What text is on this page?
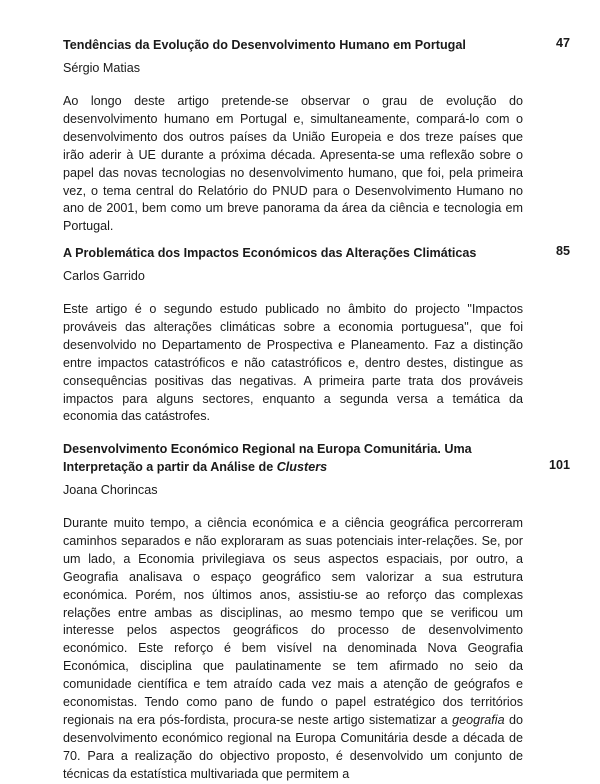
Tendências da Evolução do Desenvolvimento Humano em Portugal	47
Sérgio Matias
Ao longo deste artigo pretende-se observar o grau de evolução do desenvolvimento humano em Portugal e, simultaneamente, compará-lo com o desenvolvimento dos outros países da União Europeia e dos treze países que irão aderir à UE durante a próxima década. Apresenta-se uma reflexão sobre o papel das novas tecnologias no desenvolvimento humano, que foi, pela primeira vez, o tema central do Relatório do PNUD para o Desenvolvimento Humano no ano de 2001, bem como um breve panorama da área da ciência e tecnologia em Portugal.

A Problemática dos Impactos Económicos das Alterações Climáticas	85
Carlos Garrido
Este artigo é o segundo estudo publicado no âmbito do projecto "Impactos prováveis das alterações climáticas sobre a economia portuguesa", que foi desenvolvido no Departamento de Prospectiva e Planeamento. Faz a distinção entre impactos catastróficos e não catastróficos e, dentro destes, distingue as consequências positivas das negativas. A primeira parte trata dos prováveis impactos para alguns sectores, enquanto a segunda versa a temática da economia das catástrofes.

Desenvolvimento Económico Regional na Europa Comunitária. Uma Interpretação a partir da Análise de Clusters	101
Joana Chorincas
Durante muito tempo, a ciência económica e a ciência geográfica percorreram caminhos separados e não exploraram as suas potenciais inter-relações. Se, por um lado, a Economia privilegiava os seus aspectos espaciais, por outro, a Geografia analisava o espaço geográfico sem valorizar a sua estrutura económica. Porém, nos últimos anos, assistiu-se ao reforço das complexas relações entre ambas as disciplinas, ao mesmo tempo que se verificou um interesse pelos aspectos geográficos do processo de desenvolvimento económico. Este reforço é bem visível na denominada Nova Geografia Económica, disciplina que paulatinamente se tem afirmado no seio da comunidade científica e tem atraído cada vez mais a atenção de geógrafos e economistas. Tendo como pano de fundo o papel estratégico dos territórios regionais na era pós-fordista, procura-se neste artigo sistematizar a geografia do desenvolvimento económico regional na Europa Comunitária desde a década de 70. Para a realização do objectivo proposto, é desenvolvido um conjunto de técnicas da estatística multivariada que permitem a
